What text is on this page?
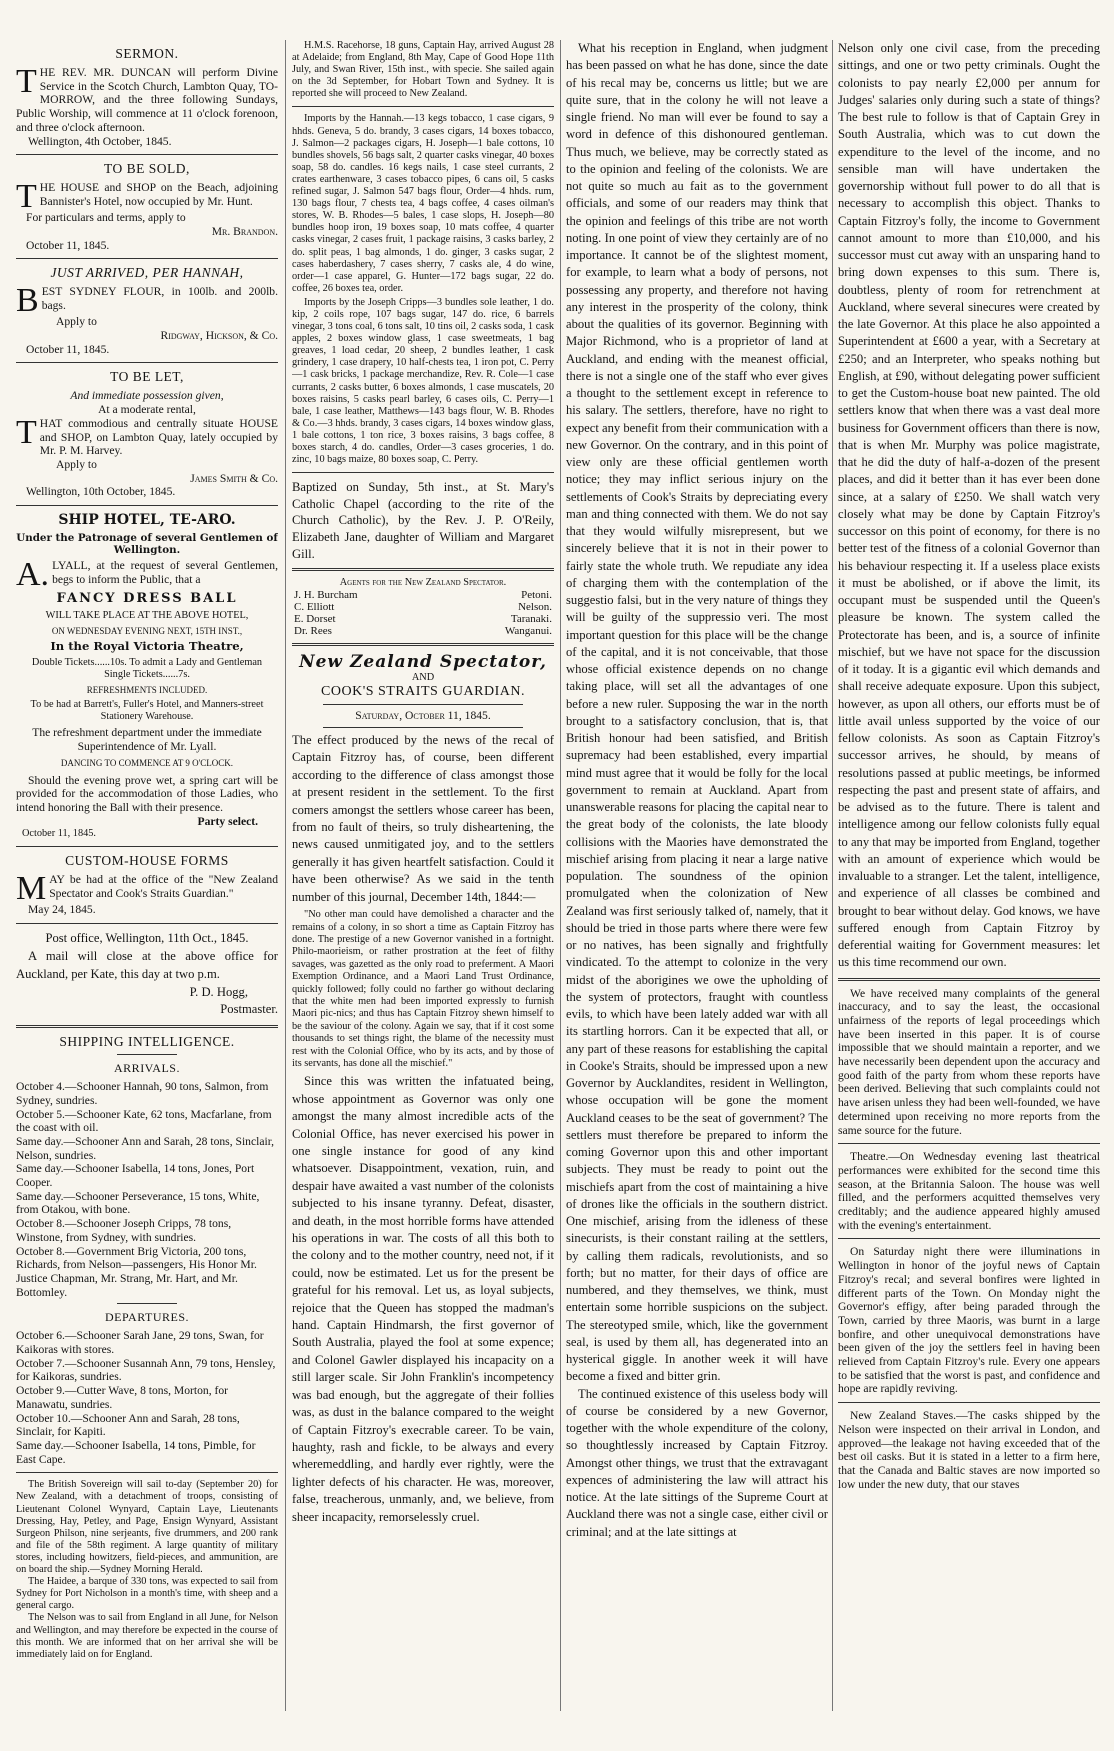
SERMON.

THE REV. MR. DUNCAN will perform Divine Service in the Scotch Church, Lambton Quay, TO-MORROW, and the three following Sundays, Public Worship, will commence at 11 o'clock forenoon, and three o'clock afternoon.

Wellington, 4th October, 1845.

TO BE SOLD,

THE HOUSE and SHOP on the Beach, adjoining Bannister's Hotel, now occupied by Mr. Hunt.

For particulars and terms, apply to

Mr. Brandon.

October 11, 1845.

JUST ARRIVED, PER HANNAH,

BEST SYDNEY FLOUR, in 100lb. and 200lb. bags.

Apply to

Ridgway, Hickson, & Co.

October 11, 1845.

TO BE LET,

And immediate possession given,

At a moderate rental,

THAT commodious and centrally situate HOUSE and SHOP, on Lambton Quay, lately occupied by Mr. P. M. Harvey.

Apply to

James Smith & Co.

Wellington, 10th October, 1845.

SHIP HOTEL, TE-ARO.

Under the Patronage of several Gentlemen of Wellington.

A. LYALL, at the request of several Gentlemen, begs to inform the Public, that a

FANCY DRESS BALL

WILL TAKE PLACE AT THE ABOVE HOTEL,

ON WEDNESDAY EVENING NEXT, 15TH INST.,

In the Royal Victoria Theatre,

Double Tickets......10s. To admit a Lady and Gentleman

Single Tickets......7s.

REFRESHMENTS INCLUDED.

To be had at Barrett's, Fuller's Hotel, and Manners-street Stationery Warehouse.

The refreshment department under the immediate Superintendence of Mr. Lyall.

DANCING TO COMMENCE AT 9 O'CLOCK.

Should the evening prove wet, a spring cart will be provided for the accommodation of those Ladies, who intend honoring the Ball with their presence.

Party select.

October 11, 1845.

CUSTOM-HOUSE FORMS

MAY be had at the office of the "New Zealand Spectator and Cook's Straits Guardian."

May 24, 1845.

Post office, Wellington, 11th Oct., 1845.

A mail will close at the above office for Auckland, per Kate, this day at two p.m.

P. D. Hogg,

Postmaster.

SHIPPING INTELLIGENCE.
ARRIVALS.

October 4.—Schooner Hannah, 90 tons, Salmon, from Sydney, sundries.

October 5.—Schooner Kate, 62 tons, Macfarlane, from the coast with oil.

Same day.—Schooner Ann and Sarah, 28 tons, Sinclair, Nelson, sundries.

Same day.—Schooner Isabella, 14 tons, Jones, Port Cooper.

Same day.—Schooner Perseverance, 15 tons, White, from Otakou, with bone.

October 8.—Schooner Joseph Cripps, 78 tons, Winstone, from Sydney, with sundries.

October 8.—Government Brig Victoria, 200 tons, Richards, from Nelson—passengers, His Honor Mr. Justice Chapman, Mr. Strang, Mr. Hart, and Mr. Bottomley.

DEPARTURES.

October 6.—Schooner Sarah Jane, 29 tons, Swan, for Kaikoras with stores.

October 7.—Schooner Susannah Ann, 79 tons, Hensley, for Kaikoras, sundries.

October 9.—Cutter Wave, 8 tons, Morton, for Manawatu, sundries.

October 10.—Schooner Ann and Sarah, 28 tons, Sinclair, for Kapiti.

Same day.—Schooner Isabella, 14 tons, Pimble, for East Cape.

The British Sovereign will sail to-day (September 20) for New Zealand, with a detachment of troops, consisting of Lieutenant Colonel Wynyard, Captain Laye, Lieutenants Dressing, Hay, Petley, and Page, Ensign Wynyard, Assistant Surgeon Philson, nine serjeants, five drummers, and 200 rank and file of the 58th regiment. A large quantity of military stores, including howitzers, field-pieces, and ammunition, are on board the ship.—Sydney Morning Herald.

The Haidee, a barque of 330 tons, was expected to sail from Sydney for Port Nicholson in a month's time, with sheep and a general cargo.

The Nelson was to sail from England in all June, for Nelson and Wellington, and may therefore be expected in the course of this month. We are informed that on her arrival she will be immediately laid on for England.

H.M.S. Racehorse, 18 guns, Captain Hay, arrived August 28 at Adelaide; from England, 8th May, Cape of Good Hope 11th July, and Swan River, 15th inst., with specie. She sailed again on the 3d September, for Hobart Town and Sydney. It is reported she will proceed to New Zealand.

Imports by the Hannah.—13 kegs tobacco, 1 case cigars, 9 hhds. Geneva, 5 do. brandy, 3 cases cigars, 14 boxes tobacco, J. Salmon—2 packages cigars, H. Joseph—1 bale cottons, 10 bundles shovels, 56 bags salt, 2 quarter casks vinegar, 40 boxes soap, 58 do. candles. 16 kegs nails, 1 case steel currants, 2 crates earthenware, 3 cases tobacco pipes, 6 cans oil, 5 casks refined sugar, J. Salmon 547 bags flour, Order—4 hhds. rum, 130 bags flour, 7 chests tea, 4 bags coffee, 4 cases oilman's stores, W. B. Rhodes—5 bales, 1 case slops, H. Joseph—80 bundles hoop iron, 19 boxes soap, 10 mats coffee, 4 quarter casks vinegar, 2 cases fruit, 1 package raisins, 3 casks barley, 2 do. split peas, 1 bag almonds, 1 do. ginger, 3 casks sugar, 2 cases haberdashery, 7 cases sherry, 7 casks ale, 4 do wine, order—1 case apparel, G. Hunter—172 bags sugar, 22 do. coffee, 26 boxes tea, order.

Imports by the Joseph Cripps—3 bundles sole leather, 1 do. kip, 2 coils rope, 107 bags sugar, 147 do. rice, 6 barrels vinegar, 3 tons coal, 6 tons salt, 10 tins oil, 2 casks soda, 1 cask apples, 2 boxes window glass, 1 case sweetmeats, 1 bag greaves, 1 load cedar, 20 sheep, 2 bundles leather, 1 cask grindery, 1 case drapery, 10 half-chests tea, 1 iron pot, C. Perry—1 cask bricks, 1 package merchandize, Rev. R. Cole—1 case currants, 2 casks butter, 6 boxes almonds, 1 case muscatels, 20 boxes raisins, 5 casks pearl barley, 6 cases oils, C. Perry—1 bale, 1 case leather, Matthews—143 bags flour, W. B. Rhodes & Co.—3 hhds. brandy, 3 cases cigars, 14 boxes window glass, 1 bale cottons, 1 ton rice, 3 boxes raisins, 3 bags coffee, 8 boxes starch, 4 do. candles, Order—3 cases groceries, 1 do. zinc, 10 bags maize, 80 boxes soap, C. Perry.

Baptized on Sunday, 5th inst., at St. Mary's Catholic Chapel (according to the rite of the Church Catholic), by the Rev. J. P. O'Reily, Elizabeth Jane, daughter of William and Margaret Gill.

Agents for the New Zealand Spectator.

J. H. Burcham	Petoni.
C. Elliott	Nelson.
E. Dorset	Taranaki.
Dr. Rees	Wanganui.

New Zealand Spectator,

AND

COOK'S STRAITS GUARDIAN.

Saturday, October 11, 1845.

The effect produced by the news of the recal of Captain Fitzroy has, of course, been different according to the difference of class amongst those at present resident in the settlement. To the first comers amongst the settlers whose career has been, from no fault of theirs, so truly disheartening, the news caused unmitigated joy, and to the settlers generally it has given heartfelt satisfaction. Could it have been otherwise? As we said in the tenth number of this journal, December 14th, 1844:—

"No other man could have demolished a character and the remains of a colony, in so short a time as Captain Fitzroy has done. The prestige of a new Governor vanished in a fortnight. Philo-maorieism, or rather prostration at the feet of filthy savages, was gazetted as the only road to preferment. A Maori Exemption Ordinance, and a Maori Land Trust Ordinance, quickly followed; folly could no farther go without declaring that the white men had been imported expressly to furnish Maori pic-nics; and thus has Captain Fitzroy shewn himself to be the saviour of the colony. Again we say, that if it cost some thousands to set things right, the blame of the necessity must rest with the Colonial Office, who by its acts, and by those of its servants, has done all the mischief."

Since this was written the infatuated being, whose appointment as Governor was only one amongst the many almost incredible acts of the Colonial Office, has never exercised his power in one single instance for good of any kind whatsoever. Disappointment, vexation, ruin, and despair have awaited a vast number of the colonists subjected to his insane tyranny. Defeat, disaster, and death, in the most horrible forms have attended his operations in war. The costs of all this both to the colony and to the mother country, need not, if it could, now be estimated. Let us for the present be grateful for his removal. Let us, as loyal subjects, rejoice that the Queen has stopped the madman's hand. Captain Hindmarsh, the first governor of South Australia, played the fool at some expence; and Colonel Gawler displayed his incapacity on a still larger scale. Sir John Franklin's incompetency was bad enough, but the aggregate of their follies was, as dust in the balance compared to the weight of Captain Fitzroy's execrable career. To be vain, haughty, rash and fickle, to be always and every wheremeddling, and hardly ever rightly, were the lighter defects of his character. He was, moreover, false, treacherous, unmanly, and, we believe, from sheer incapacity, remorselessly cruel.

What his reception in England, when judgment has been passed on what he has done, since the date of his recal may be, concerns us little; but we are quite sure, that in the colony he will not leave a single friend. No man will ever be found to say a word in defence of this dishonoured gentleman. Thus much, we believe, may be correctly stated as to the opinion and feeling of the colonists. We are not quite so much au fait as to the government officials, and some of our readers may think that the opinion and feelings of this tribe are not worth noting. In one point of view they certainly are of no importance. It cannot be of the slightest moment, for example, to learn what a body of persons, not possessing any property, and therefore not having any interest in the prosperity of the colony, think about the qualities of its governor. Beginning with Major Richmond, who is a proprietor of land at Auckland, and ending with the meanest official, there is not a single one of the staff who ever gives a thought to the settlement except in reference to his salary. The settlers, therefore, have no right to expect any benefit from their communication with a new Governor. On the contrary, and in this point of view only are these official gentlemen worth notice; they may inflict serious injury on the settlements of Cook's Straits by depreciating every man and thing connected with them. We do not say that they would wilfully misrepresent, but we sincerely believe that it is not in their power to fairly state the whole truth. We repudiate any idea of charging them with the contemplation of the suggestio falsi, but in the very nature of things they will be guilty of the suppressio veri. The most important question for this place will be the change of the capital, and it is not conceivable, that those whose official existence depends on no change taking place, will set all the advantages of one before a new ruler. Supposing the war in the north brought to a satisfactory conclusion, that is, that British honour had been satisfied, and British supremacy had been established, every impartial mind must agree that it would be folly for the local government to remain at Auckland. Apart from unanswerable reasons for placing the capital near to the great body of the colonists, the late bloody collisions with the Maories have demonstrated the mischief arising from placing it near a large native population. The soundness of the opinion promulgated when the colonization of New Zealand was first seriously talked of, namely, that it should be tried in those parts where there were few or no natives, has been signally and frightfully vindicated. To the attempt to colonize in the very midst of the aborigines we owe the upholding of the system of protectors, fraught with countless evils, to which have been lately added war with all its startling horrors. Can it be expected that all, or any part of these reasons for establishing the capital in Cooke's Straits, should be impressed upon a new Governor by Aucklandites, resident in Wellington, whose occupation will be gone the moment Auckland ceases to be the seat of government? The settlers must therefore be prepared to inform the coming Governor upon this and other important subjects. They must be ready to point out the mischiefs apart from the cost of maintaining a hive of drones like the officials in the southern district. One mischief, arising from the idleness of these sinecurists, is their constant railing at the settlers, by calling them radicals, revolutionists, and so forth; but no matter, for their days of office are numbered, and they themselves, we think, must entertain some horrible suspicions on the subject. The stereotyped smile, which, like the government seal, is used by them all, has degenerated into an hysterical giggle. In another week it will have become a fixed and bitter grin.

The continued existence of this useless body will of course be considered by a new Governor, together with the whole expenditure of the colony, so thoughtlessly increased by Captain Fitzroy. Amongst other things, we trust that the extravagant expences of administering the law will attract his notice. At the late sittings of the Supreme Court at Auckland there was not a single case, either civil or criminal; and at the late sittings at

Nelson only one civil case, from the preceding sittings, and one or two petty criminals. Ought the colonists to pay nearly £2,000 per annum for Judges' salaries only during such a state of things? The best rule to follow is that of Captain Grey in South Australia, which was to cut down the expenditure to the level of the income, and no sensible man will have undertaken the governorship without full power to do all that is necessary to accomplish this object. Thanks to Captain Fitzroy's folly, the income to Government cannot amount to more than £10,000, and his successor must cut away with an unsparing hand to bring down expenses to this sum. There is, doubtless, plenty of room for retrenchment at Auckland, where several sinecures were created by the late Governor. At this place he also appointed a Superintendent at £600 a year, with a Secretary at £250; and an Interpreter, who speaks nothing but English, at £90, without delegating power sufficient to get the Custom-house boat new painted. The old settlers know that when there was a vast deal more business for Government officers than there is now, that is when Mr. Murphy was police magistrate, that he did the duty of half-a-dozen of the present places, and did it better than it has ever been done since, at a salary of £250. We shall watch very closely what may be done by Captain Fitzroy's successor on this point of economy, for there is no better test of the fitness of a colonial Governor than his behaviour respecting it. If a useless place exists it must be abolished, or if above the limit, its occupant must be suspended until the Queen's pleasure be known. The system called the Protectorate has been, and is, a source of infinite mischief, but we have not space for the discussion of it today. It is a gigantic evil which demands and shall receive adequate exposure. Upon this subject, however, as upon all others, our efforts must be of little avail unless supported by the voice of our fellow colonists. As soon as Captain Fitzroy's successor arrives, he should, by means of resolutions passed at public meetings, be informed respecting the past and present state of affairs, and be advised as to the future. There is talent and intelligence among our fellow colonists fully equal to any that may be imported from England, together with an amount of experience which would be invaluable to a stranger. Let the talent, intelligence, and experience of all classes be combined and brought to bear without delay. God knows, we have suffered enough from Captain Fitzroy by deferential waiting for Government measures: let us this time recommend our own.

We have received many complaints of the general inaccuracy, and to say the least, the occasional unfairness of the reports of legal proceedings which have been inserted in this paper. It is of course impossible that we should maintain a reporter, and we have necessarily been dependent upon the accuracy and good faith of the party from whom these reports have been derived. Believing that such complaints could not have arisen unless they had been well-founded, we have determined upon receiving no more reports from the same source for the future.

Theatre.—On Wednesday evening last theatrical performances were exhibited for the second time this season, at the Britannia Saloon. The house was well filled, and the performers acquitted themselves very creditably; and the audience appeared highly amused with the evening's entertainment.

On Saturday night there were illuminations in Wellington in honor of the joyful news of Captain Fitzroy's recal; and several bonfires were lighted in different parts of the Town. On Monday night the Governor's effigy, after being paraded through the Town, carried by three Maoris, was burnt in a large bonfire, and other unequivocal demonstrations have been given of the joy the settlers feel in having been relieved from Captain Fitzroy's rule. Every one appears to be satisfied that the worst is past, and confidence and hope are rapidly reviving.

New Zealand Staves.—The casks shipped by the Nelson were inspected on their arrival in London, and approved—the leakage not having exceeded that of the best oil casks. But it is stated in a letter to a firm here, that the Canada and Baltic staves are now imported so low under the new duty, that our staves
